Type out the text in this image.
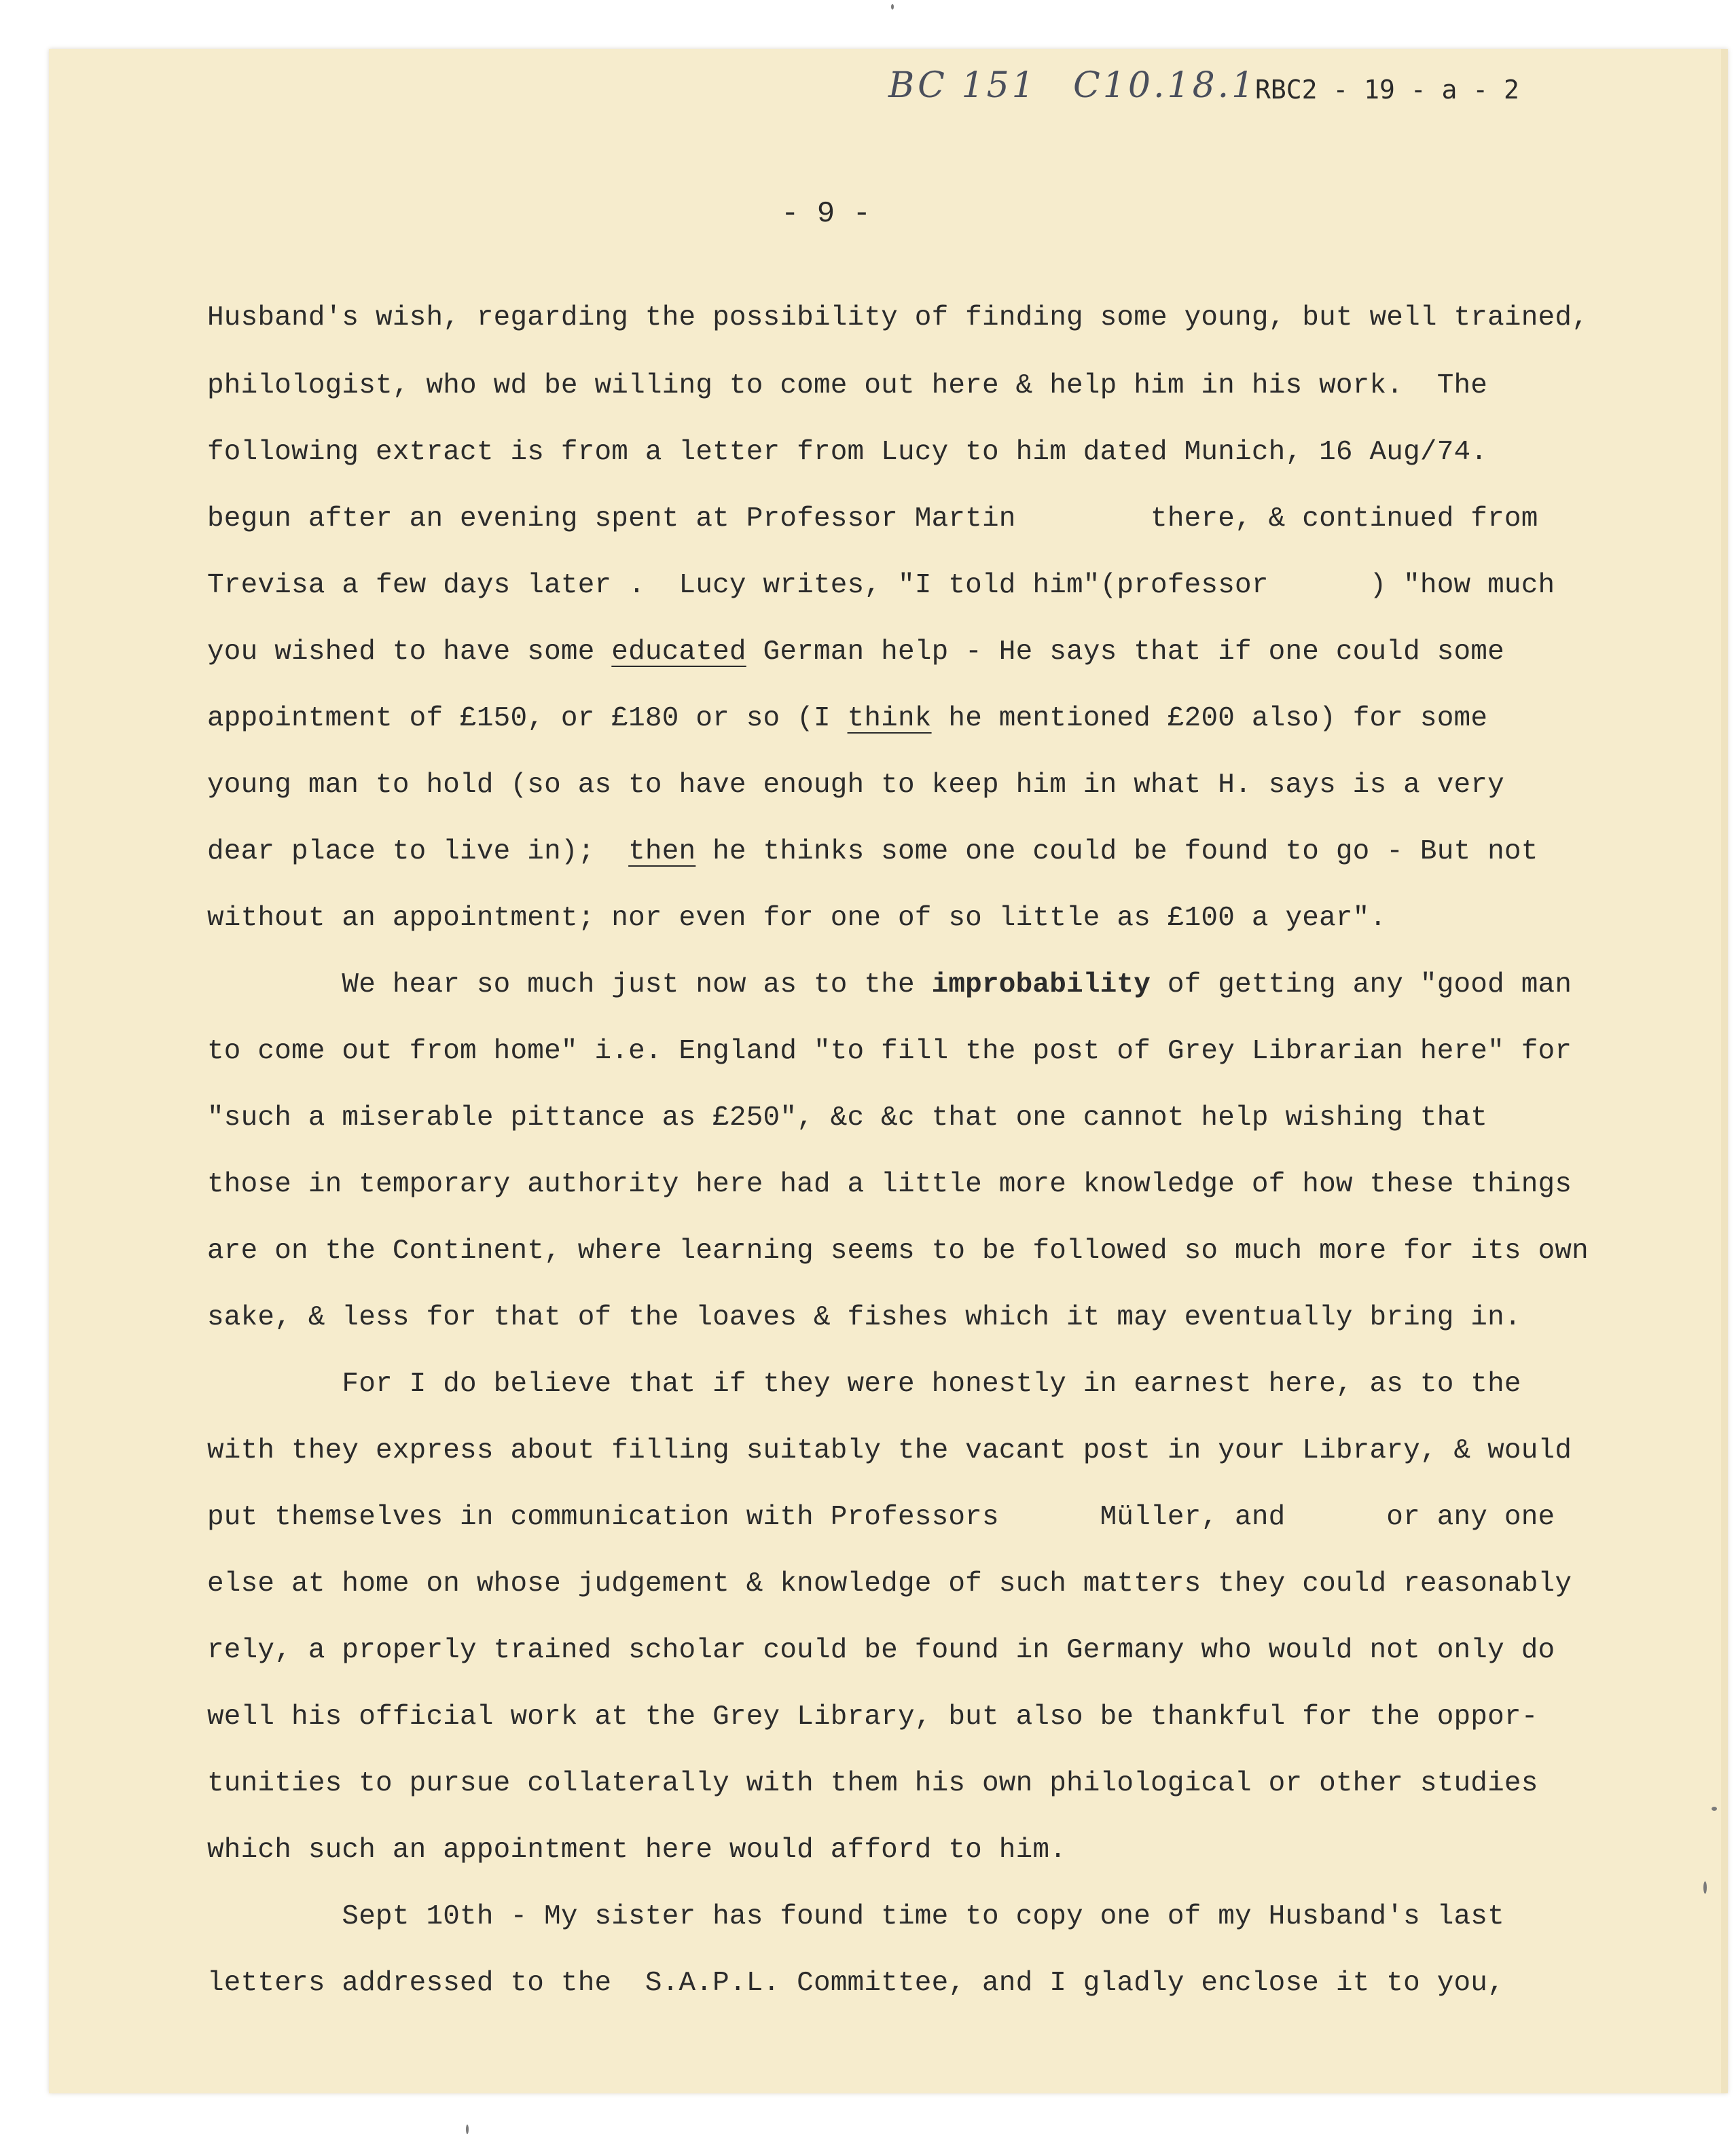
BC 151 C10.18.1
RBC2 - 19 - a - 2
- 9 -
Husband's wish, regarding the possibility of finding some young, but well trained,
philologist, who wd be willing to come out here & help him in his work.  The
following extract is from a letter from Lucy to him dated Munich, 16 Aug/74.
begun after an evening spent at Professor Martin        there, & continued from
Trevisa a few days later .  Lucy writes, "I told him"(professor      ) "how much
you wished to have some educated German help - He says that if one could some
appointment of £150, or £180 or so (I think he mentioned £200 also) for some
young man to hold (so as to have enough to keep him in what H. says is a very
dear place to live in);  then he thinks some one could be found to go - But not
without an appointment; nor even for one of so little as £100 a year".
We hear so much just now as to the improbability of getting any "good man
to come out from home" i.e. England "to fill the post of Grey Librarian here" for
"such a miserable pittance as £250", &c &c that one cannot help wishing that
those in temporary authority here had a little more knowledge of how these things
are on the Continent, where learning seems to be followed so much more for its own
sake, & less for that of the loaves & fishes which it may eventually bring in.
For I do believe that if they were honestly in earnest here, as to the
with they express about filling suitably the vacant post in your Library, & would
put themselves in communication with Professors      Müller, and      or any one
else at home on whose judgement & knowledge of such matters they could reasonably
rely, a properly trained scholar could be found in Germany who would not only do
well his official work at the Grey Library, but also be thankful for the oppor-
tunities to pursue collaterally with them his own philological or other studies
which such an appointment here would afford to him.
Sept 10th - My sister has found time to copy one of my Husband's last
letters addressed to the  S.A.P.L. Committee, and I gladly enclose it to you,
